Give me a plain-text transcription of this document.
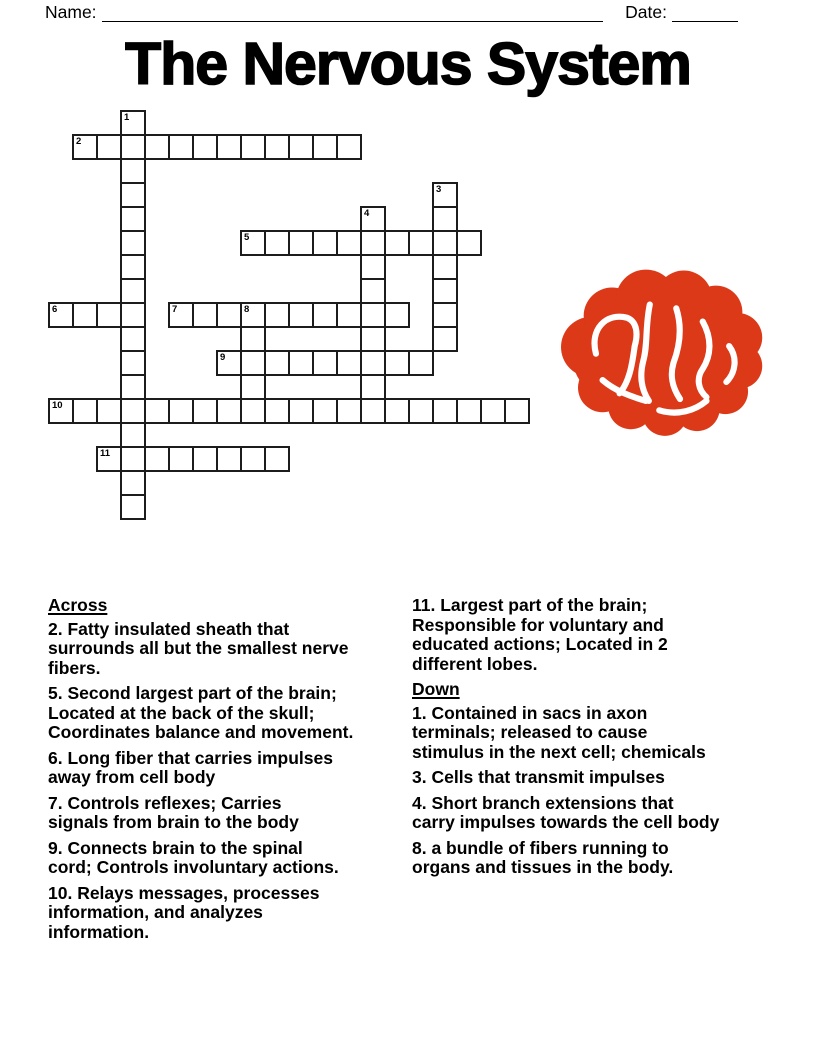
Name:	Date:
The Nervous System
1
2
3
4
5
6	7	8
9
10
11
Across
2. Fatty insulated sheath that
surrounds all but the smallest nerve
fibers.
5. Second largest part of the brain;
Located at the back of the skull;
Coordinates balance and movement.
6. Long fiber that carries impulses
away from cell body
7. Controls reflexes; Carries
signals from brain to the body
9. Connects brain to the spinal
cord; Controls involuntary actions.
10. Relays messages, processes
information, and analyzes
information.
11. Largest part of the brain;
Responsible for voluntary and
educated actions; Located in 2
different lobes.
Down
1. Contained in sacs in axon
terminals; released to cause
stimulus in the next cell; chemicals
3. Cells that transmit impulses
4. Short branch extensions that
carry impulses towards the cell body
8. a bundle of fibers running to
organs and tissues in the body.
